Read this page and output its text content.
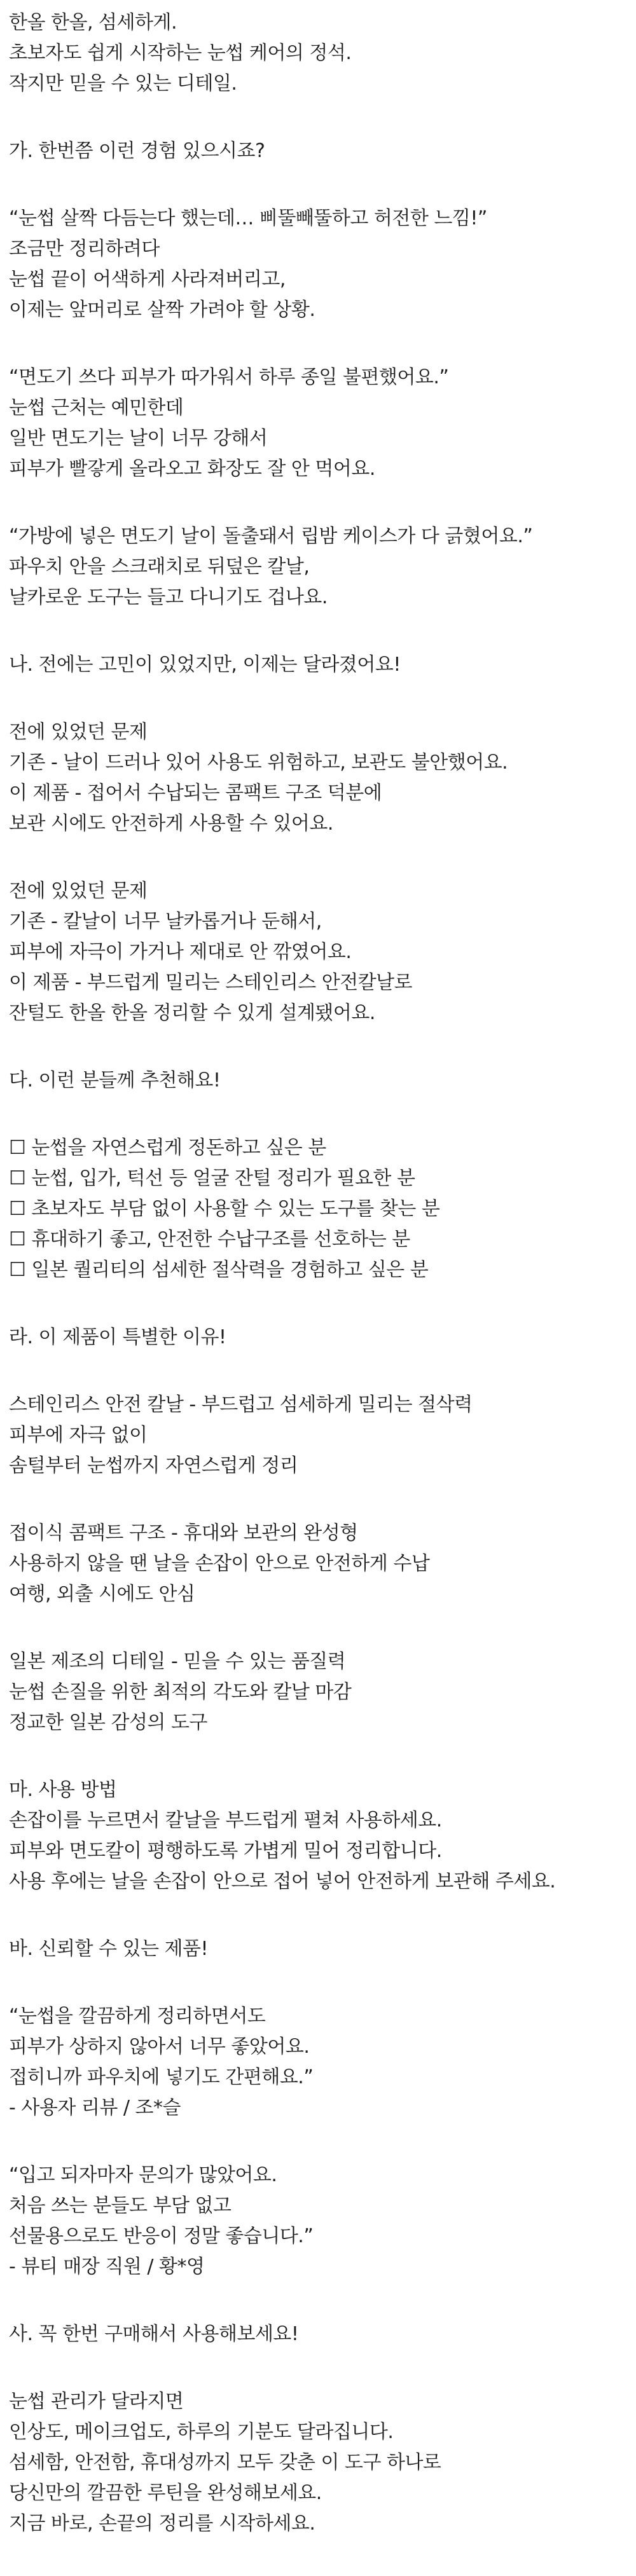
한올 한올, 섬세하게.
초보자도 쉽게 시작하는 눈썹 케어의 정석.
작지만 믿을 수 있는 디테일.
가. 한번쯤 이런 경험 있으시죠?
“눈썹 살짝 다듬는다 했는데… 삐뚤빼뚤하고 허전한 느낌!”
조금만 정리하려다
눈썹 끝이 어색하게 사라져버리고,
이제는 앞머리로 살짝 가려야 할 상황.
“면도기 쓰다 피부가 따가워서 하루 종일 불편했어요.”
눈썹 근처는 예민한데
일반 면도기는 날이 너무 강해서
피부가 빨갛게 올라오고 화장도 잘 안 먹어요.
“가방에 넣은 면도기 날이 돌출돼서 립밤 케이스가 다 긁혔어요.”
파우치 안을 스크래치로 뒤덮은 칼날,
날카로운 도구는 들고 다니기도 겁나요.
나. 전에는 고민이 있었지만, 이제는 달라졌어요!
전에 있었던 문제
기존 - 날이 드러나 있어 사용도 위험하고, 보관도 불안했어요.
이 제품 - 접어서 수납되는 콤팩트 구조 덕분에
보관 시에도 안전하게 사용할 수 있어요.
전에 있었던 문제
기존 - 칼날이 너무 날카롭거나 둔해서,
피부에 자극이 가거나 제대로 안 깎였어요.
이 제품 - 부드럽게 밀리는 스테인리스 안전칼날로
잔털도 한올 한올 정리할 수 있게 설계됐어요.
다. 이런 분들께 추천해요!
☐ 눈썹을 자연스럽게 정돈하고 싶은 분
☐ 눈썹, 입가, 턱선 등 얼굴 잔털 정리가 필요한 분
☐ 초보자도 부담 없이 사용할 수 있는 도구를 찾는 분
☐ 휴대하기 좋고, 안전한 수납구조를 선호하는 분
☐ 일본 퀄리티의 섬세한 절삭력을 경험하고 싶은 분
라. 이 제품이 특별한 이유!
스테인리스 안전 칼날 - 부드럽고 섬세하게 밀리는 절삭력
피부에 자극 없이
솜털부터 눈썹까지 자연스럽게 정리
접이식 콤팩트 구조 - 휴대와 보관의 완성형
사용하지 않을 땐 날을 손잡이 안으로 안전하게 수납
여행, 외출 시에도 안심
일본 제조의 디테일 - 믿을 수 있는 품질력
눈썹 손질을 위한 최적의 각도와 칼날 마감
정교한 일본 감성의 도구
마. 사용 방법
손잡이를 누르면서 칼날을 부드럽게 펼쳐 사용하세요.
피부와 면도칼이 평행하도록 가볍게 밀어 정리합니다.
사용 후에는 날을 손잡이 안으로 접어 넣어 안전하게 보관해 주세요.
바. 신뢰할 수 있는 제품!
“눈썹을 깔끔하게 정리하면서도
피부가 상하지 않아서 너무 좋았어요.
접히니까 파우치에 넣기도 간편해요.”
- 사용자 리뷰 / 조*슬
“입고 되자마자 문의가 많았어요.
처음 쓰는 분들도 부담 없고
선물용으로도 반응이 정말 좋습니다.”
- 뷰티 매장 직원 / 황*영
사. 꼭 한번 구매해서 사용해보세요!
눈썹 관리가 달라지면
인상도, 메이크업도, 하루의 기분도 달라집니다.
섬세함, 안전함, 휴대성까지 모두 갖춘 이 도구 하나로
당신만의 깔끔한 루틴을 완성해보세요.
지금 바로, 손끝의 정리를 시작하세요.
